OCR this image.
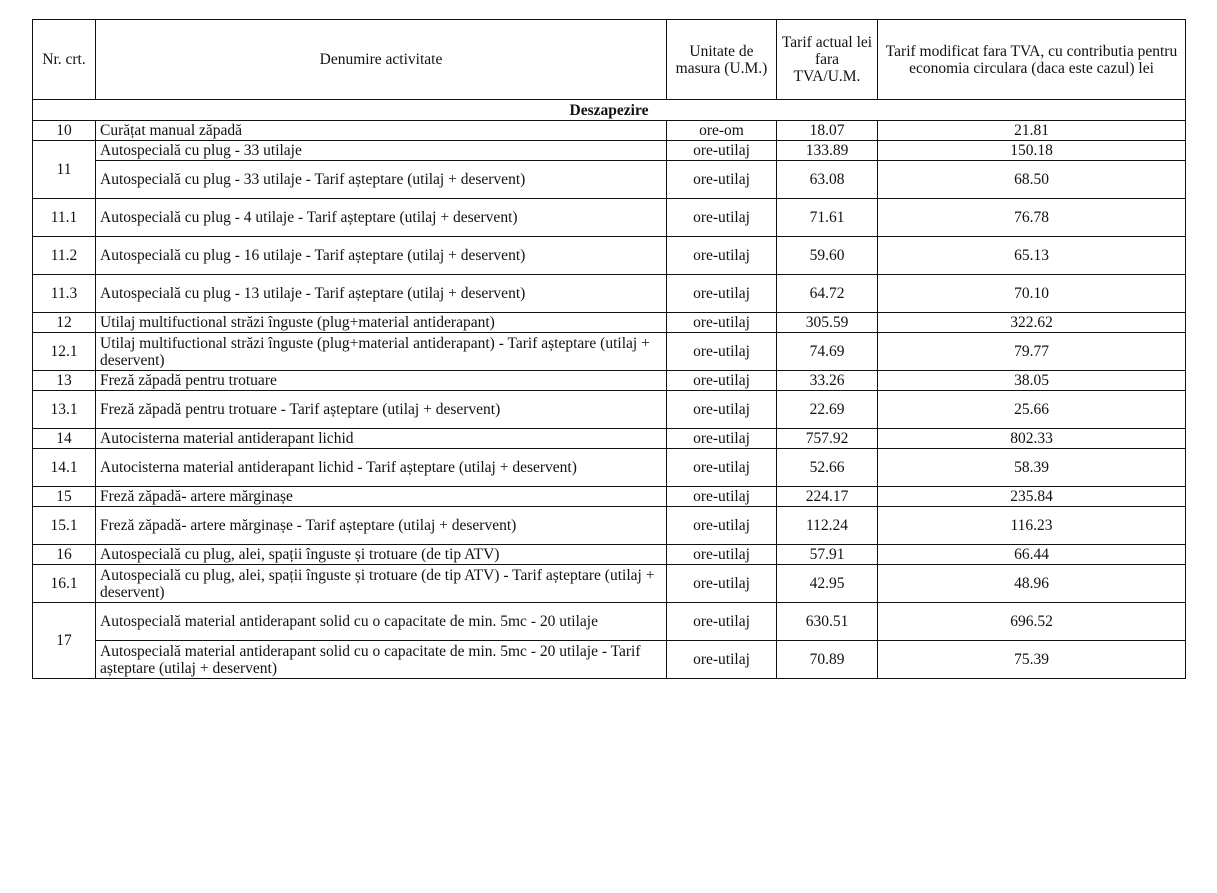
Nr. crt.	Denumire activitate	Unitate de masura (U.M.)	Tarif actual lei fara TVA/U.M.	Tarif modificat fara TVA, cu contributia pentru economia circulara (daca este cazul) lei
Deszapezire				
10	Curățat manual zăpadă	ore-om	18.07	21.81
11	Autospecială cu plug - 33 utilaje	ore-utilaj	133.89	150.18
	Autospecială cu plug - 33 utilaje - Tarif așteptare (utilaj + deservent)	ore-utilaj	63.08	68.50
11.1	Autospecială cu plug - 4 utilaje - Tarif așteptare (utilaj + deservent)	ore-utilaj	71.61	76.78
11.2	Autospecială cu plug - 16 utilaje - Tarif așteptare (utilaj + deservent)	ore-utilaj	59.60	65.13
11.3	Autospecială cu plug - 13 utilaje - Tarif așteptare (utilaj + deservent)	ore-utilaj	64.72	70.10
12	Utilaj multifuctional străzi înguste (plug+material antiderapant)	ore-utilaj	305.59	322.62
12.1	Utilaj multifuctional străzi înguste (plug+material antiderapant) - Tarif așteptare (utilaj + deservent)	ore-utilaj	74.69	79.77
13	Freză zăpadă pentru trotuare	ore-utilaj	33.26	38.05
13.1	Freză zăpadă pentru trotuare - Tarif așteptare (utilaj + deservent)	ore-utilaj	22.69	25.66
14	Autocisterna material antiderapant lichid	ore-utilaj	757.92	802.33
14.1	Autocisterna material antiderapant lichid - Tarif așteptare (utilaj + deservent)	ore-utilaj	52.66	58.39
15	Freză zăpadă- artere mărginașe	ore-utilaj	224.17	235.84
15.1	Freză zăpadă- artere mărginașe - Tarif așteptare (utilaj + deservent)	ore-utilaj	112.24	116.23
16	Autospecială cu plug, alei, spații înguste și trotuare (de tip ATV)	ore-utilaj	57.91	66.44
16.1	Autospecială cu plug, alei, spații înguste și trotuare (de tip ATV) - Tarif așteptare (utilaj + deservent)	ore-utilaj	42.95	48.96
17	Autospecială material antiderapant solid cu o capacitate de min. 5mc - 20 utilaje	ore-utilaj	630.51	696.52
	Autospecială material antiderapant solid cu o capacitate de min. 5mc - 20 utilaje - Tarif așteptare (utilaj + deservent)	ore-utilaj	70.89	75.39
